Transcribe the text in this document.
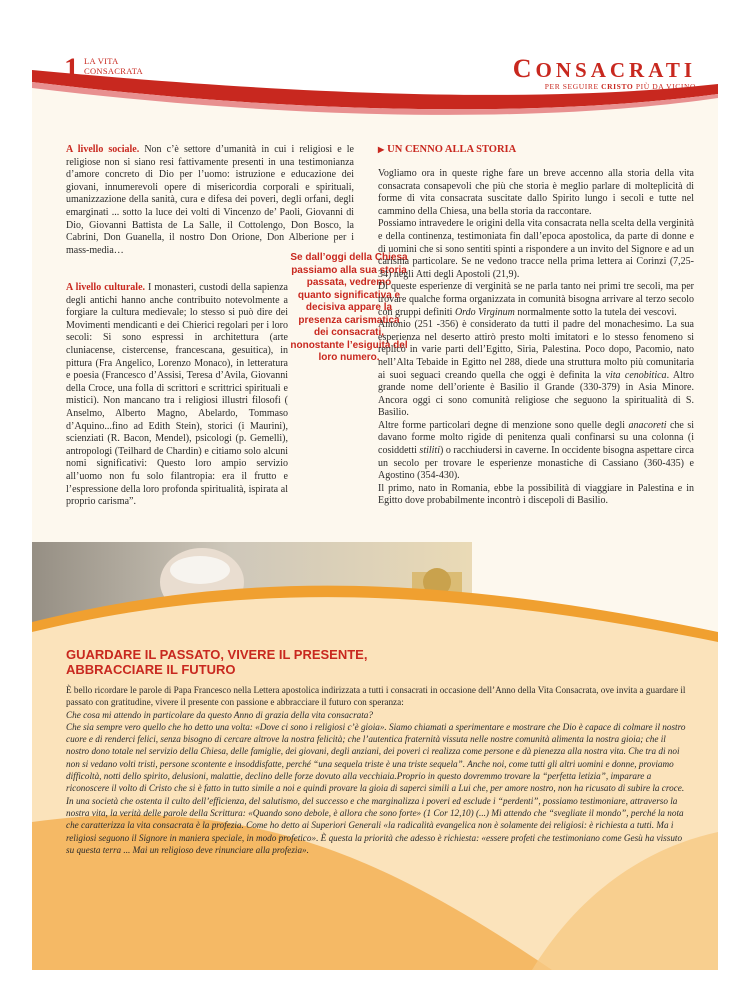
1 LA VITA
CONSACRATA	CONSACRATI
PER SEGUIRE CRISTO PIÙ DA VICINO

A livello sociale. Non c’è settore d’umanità in cui i religiosi e le religiose non si siano resi fattivamente presenti in una testimonianza d’amore concreto di Dio per l’uomo: istruzione e educazione dei giovani, innumerevoli opere di misericordia corporali e spirituali, umanizzazione della sanità, cura e difesa dei poveri, degli orfani, degli emarginati ... sotto la luce dei volti di Vincenzo de’ Paoli, Giovanni di Dio, Giovanni Battista de La Salle, il Cottolengo, Don Bosco, la Cabrini, Don Guanella, il nostro Don Orione, Don Alberione per i mass-media…

A livello culturale. I monasteri, custodi della sapienza degli antichi hanno anche contribuito notevolmente a forgiare la cultura medievale; lo stesso si può dire dei Movimenti mendicanti e dei Chierici regolari per i loro secoli: Si sono espressi in architettura (arte cluniacense, cistercense, francescana, gesuitica), in pittura (Fra Angelico, Lorenzo Monaco), in letteratura e poesia (Francesco d’Assisi, Teresa d’Avila, Giovanni della Croce, una folla di scrittori e scrittrici spirituali e mistici). Non mancano tra i religiosi illustri filosofi ( Anselmo, Alberto Magno, Abelardo, Tommaso d’Aquino...fino ad Edith Stein), storici (i Maurini), scienziati (R. Bacon, Mendel), psicologi (p. Gemelli), antropologi (Teilhard de Chardin) e citiamo solo alcuni nomi significativi: Questo loro ampio servizio all’uomo non fu solo filantropia: era il frutto e l’espressione della loro profonda spiritualità, ispirata al proprio carisma”.

Se dall’oggi della Chiesa passiamo alla sua storia passata, vedremo quanto significativa e decisiva appare la presenza carismatica dei consacrati, nonostante l’esiguità del loro numero.
▶ UN CENNO ALLA STORIA

Vogliamo ora in queste righe fare un breve accenno alla storia della vita consacrata consapevoli che più che storia è meglio parlare di molteplicità di forme di vita consacrata suscitate dallo Spirito lungo i secoli e tutte nel cammino della Chiesa, una bella storia da raccontare.

Possiamo intravedere le origini della vita consacrata nella scelta della verginità e della continenza, testimoniata fin dall’epoca apostolica, da parte di donne e di uomini che si sono sentiti spinti a rispondere a un invito del Signore e ad un carisma particolare. Se ne vedono tracce nella prima lettera ai Corinzi (7,25-34) negli Atti degli Apostoli (21,9).

Di queste esperienze di verginità se ne parla tanto nei primi tre secoli, ma per trovare qualche forma organizzata in comunità bisogna arrivare al terzo secolo con gruppi definiti Ordo Virginum normalmente sotto la tutela dei vescovi.

Antonio (251 -356) è considerato da tutti il padre del monachesimo. La sua esperienza nel deserto attirò presto molti imitatori e lo stesso fenomeno si replicò in varie parti dell’Egitto, Siria, Palestina. Poco dopo, Pacomio, nato nell’Alta Tebaide in Egitto nel 288, diede una struttura molto più comunitaria ai suoi seguaci creando quella che oggi è definita la vita cenobitica. Altro grande nome dell’oriente è Basilio il Grande (330-379) in Asia Minore. Ancora oggi ci sono comunità religiose che seguono la spiritualità di S. Basilio.

Altre forme particolari degne di menzione sono quelle degli anacoreti che si davano forme molto rigide di penitenza quali confinarsi su una colonna (i cosiddetti stiliti) o racchiudersi in caverne. In occidente bisogna aspettare circa un secolo per trovare le esperienze monastiche di Cassiano (360-435) e Agostino (354-430).

Il primo, nato in Romania, ebbe la possibilità di viaggiare in Palestina e in Egitto dove probabilmente incontrò i discepoli di Basilio.

GUARDARE IL PASSATO, VIVERE IL PRESENTE,
ABBRACCIARE IL FUTURO

È bello ricordare le parole di Papa Francesco nella Lettera apostolica indirizzata a tutti i consacrati in occasione dell’Anno della Vita Consacrata, ove invita a guardare il passato con gratitudine, vivere il presente con passione e abbracciare il futuro con speranza:

Che cosa mi attendo in particolare da questo Anno di grazia della vita consacrata?

Che sia sempre vero quello che ho detto una volta: «Dove ci sono i religiosi c’è gioia». Siamo chiamati a sperimentare e mostrare che Dio è capace di colmare il nostro cuore e di renderci felici, senza bisogno di cercare altrove la nostra felicità; che l’autentica fraternità vissuta nelle nostre comunità alimenta la nostra gioia; che il nostro dono totale nel servizio della Chiesa, delle famiglie, dei giovani, degli anziani, dei poveri ci realizza come persone e dà pienezza alla nostra vita. Che tra di noi non si vedano volti tristi, persone scontente e insoddisfatte, perché “una sequela triste è una triste sequela”. Anche noi, come tutti gli altri uomini e donne, proviamo difficoltà, notti dello spirito, delusioni, malattie, declino delle forze dovuto alla vecchiaia.Proprio in questo dovremmo trovare la “perfetta letizia”, imparare a riconoscere il volto di Cristo che si è fatto in tutto simile a noi e quindi provare la gioia di saperci simili a Lui che, per amore nostro, non ha ricusato di subire la croce. In una società che ostenta il culto dell’efficienza, del salutismo, del successo e che marginalizza i poveri ed esclude i “perdenti”, possiamo testimoniare, attraverso la nostra vita, la verità delle parole della Scrittura: «Quando sono debole, è allora che sono forte» (1 Cor 12,10) (...) Mi attendo che “svegliate il mondo”, perché la nota che caratterizza la vita consacrata è la profezia. Come ho detto ai Superiori Generali «la radicalità evangelica non è solamente dei religiosi: è richiesta a tutti. Ma i religiosi seguono il Signore in maniera speciale, in modo profetico». È questa la priorità che adesso è richiesta: «essere profeti che testimoniano come Gesù ha vissuto su questa terra ... Mai un religioso deve rinunciare alla profezia».
